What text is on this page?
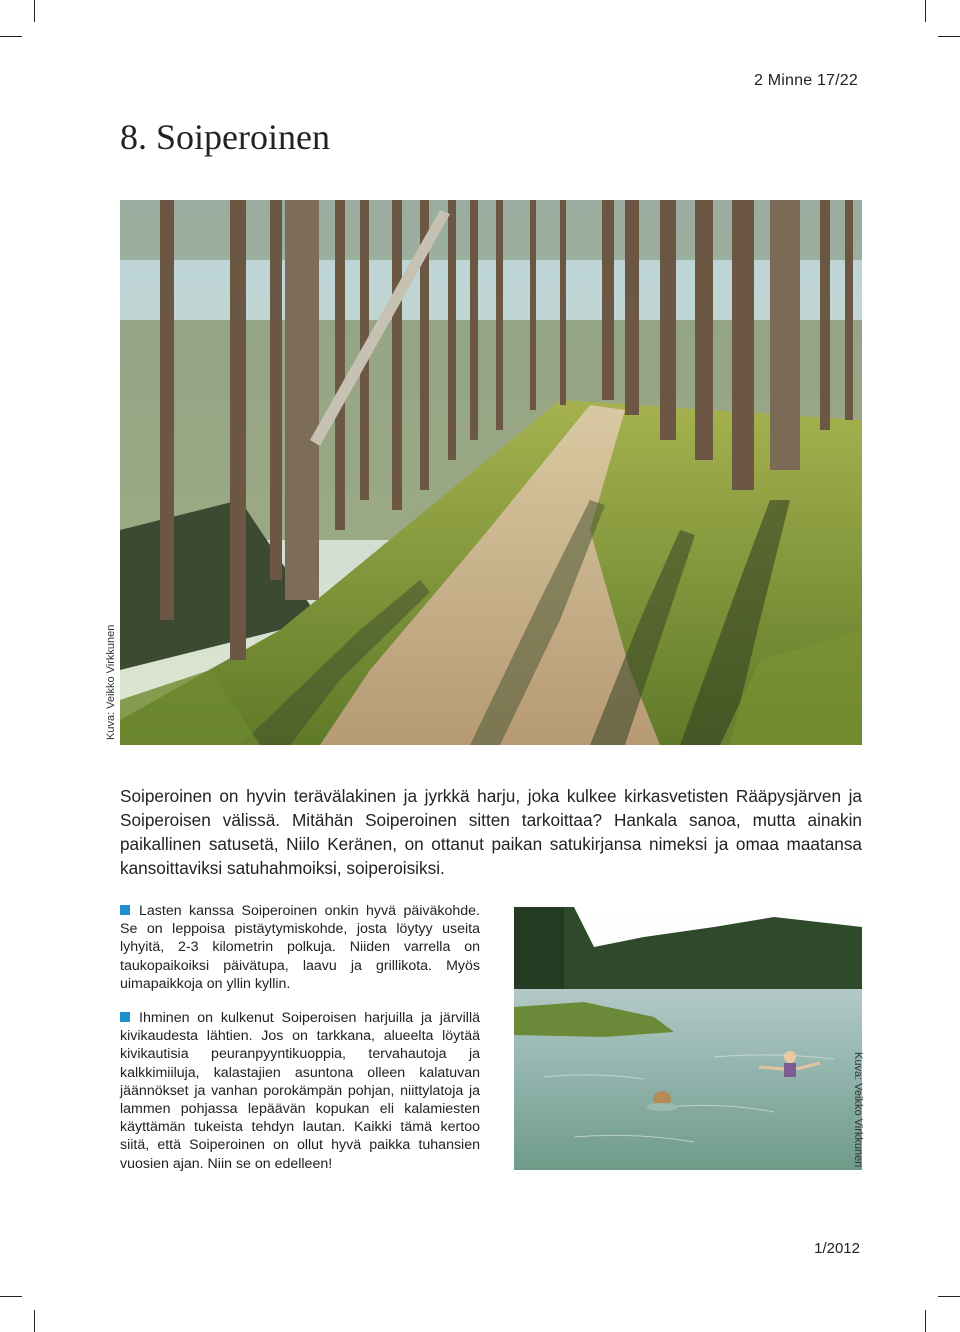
2 Minne 17/22
8. Soiperoinen
Kuva: Veikko Virkkunen

Soiperoinen on hyvin terävälakinen ja jyrkkä harju, joka kulkee kirkasvetisten Rääpysjärven ja Soiperoisen välissä. Mitähän Soiperoinen sitten tarkoittaa? Hankala sanoa, mutta ainakin paikallinen satusetä, Niilo Keränen, on ottanut paikan satukirjansa nimeksi ja omaa maatansa kansoittaviksi satuhahmoiksi, soiperoisiksi.

Lasten kanssa Soiperoinen onkin hyvä päiväkohde. Se on leppoisa pistäytymiskohde, josta löytyy useita lyhyitä, 2-3 kilometrin polkuja. Niiden varrella on taukopaikoiksi päivätupa, laavu ja grillikota. Myös uimapaikkoja on yllin kyllin.

Ihminen on kulkenut Soiperoisen harjuilla ja järvillä kivikaudesta lähtien. Jos on tarkkana, alueelta löytää kivikautisia peuranpyyntikuoppia, tervahautoja ja kalkkimiiluja, kalastajien asuntona olleen kalatuvan jäännökset ja vanhan porokämpän pohjan, niittylatoja ja lammen pohjassa lepäävän kopukan eli kalamiesten käyttämän tukeista tehdyn lautan. Kaikki tämä kertoo siitä, että Soiperoinen on ollut hyvä paikka tuhansien vuosien ajan. Niin se on edelleen!	Kuva: Veikko Virkkunen
1/2012
